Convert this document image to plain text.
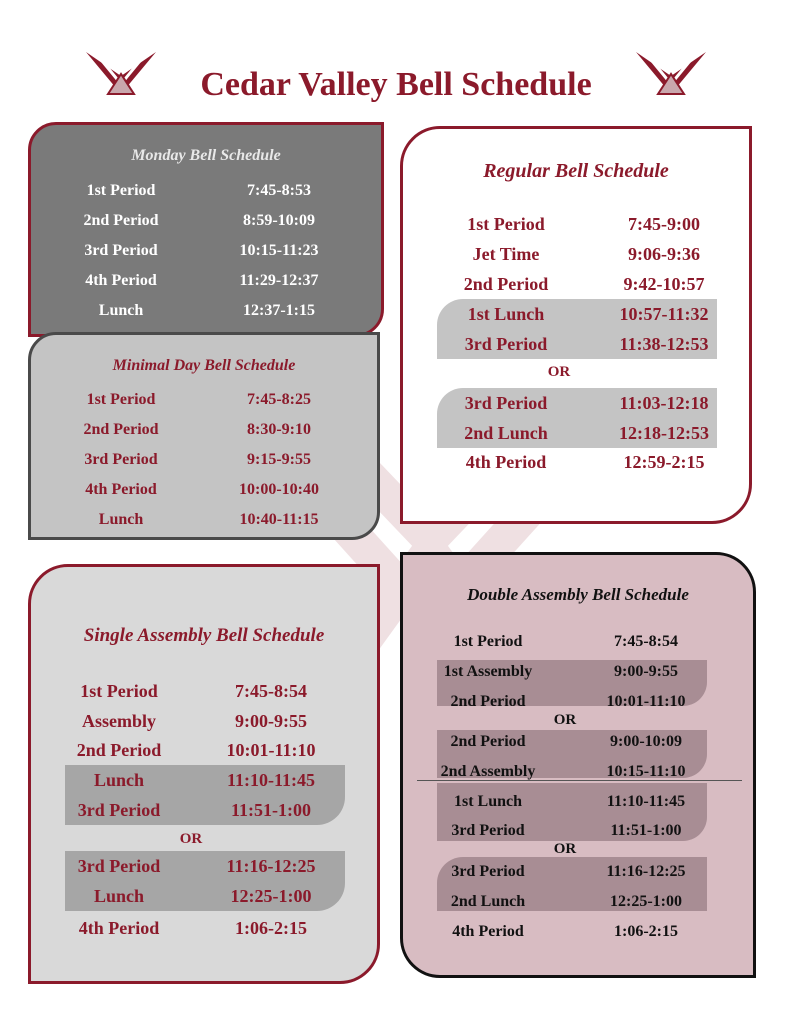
Cedar Valley Bell Schedule
Monday Bell Schedule
1st Period	7:45-8:53
2nd Period	8:59-10:09
3rd Period	10:15-11:23
4th Period	11:29-12:37
Lunch	12:37-1:15
Minimal Day Bell Schedule
1st Period	7:45-8:25
2nd Period	8:30-9:10
3rd Period	9:15-9:55
4th Period	10:00-10:40
Lunch	10:40-11:15
Regular Bell Schedule
OR
1st Period	7:45-9:00
Jet Time	9:06-9:36
2nd Period	9:42-10:57
1st Lunch	10:57-11:32
3rd Period	11:38-12:53
3rd Period	11:03-12:18
2nd Lunch	12:18-12:53
4th Period	12:59-2:15
Single Assembly Bell Schedule
OR
1st Period	7:45-8:54
Assembly	9:00-9:55
2nd Period	10:01-11:10
Lunch	11:10-11:45
3rd Period	11:51-1:00
3rd Period	11:16-12:25
Lunch	12:25-1:00
4th Period	1:06-2:15
Double Assembly Bell Schedule
OR
OR
1st Period	7:45-8:54
1st Assembly	9:00-9:55
2nd Period	10:01-11:10
2nd Period	9:00-10:09
2nd Assembly	10:15-11:10
1st Lunch	11:10-11:45
3rd Period	11:51-1:00
3rd Period	11:16-12:25
2nd Lunch	12:25-1:00
4th Period	1:06-2:15
